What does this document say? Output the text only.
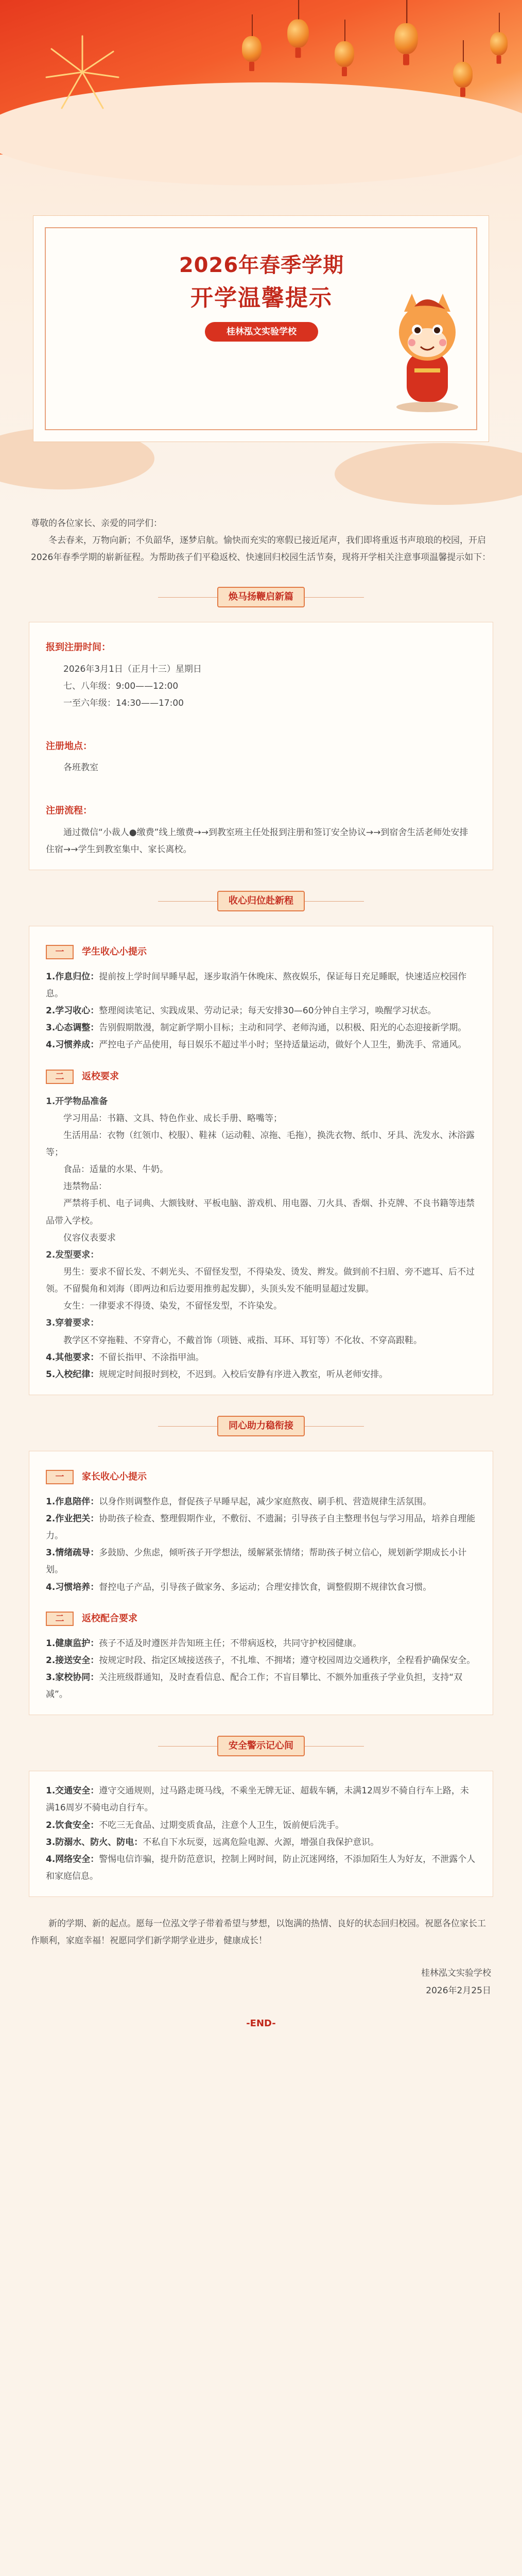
2026年春季学期
开学温馨提示
桂林泓文实验学校

尊敬的各位家长、亲爱的同学们：

冬去春来，万物向新；不负韶华，逐梦启航。愉快而充实的寒假已接近尾声，我们即将重返书声琅琅的校园，开启2026年春季学期的崭新征程。为帮助孩子们平稳返校、快速回归校园生活节奏，现将开学相关注意事项温馨提示如下：

焕马扬鞭启新篇
报到注册时间：

2026年3月1日（正月十三）星期日

七、八年级：9:00——12:00

一至六年级：14:30——17:00

注册地点：

各班教室

注册流程：

通过微信“小裁人●缴费”线上缴费→→到教室班主任处报到注册和签订安全协议→→到宿舍生活老师处安排住宿→→学生到教室集中、家长离校。

收心归位赴新程
一	学生收心小提示

1.作息归位：提前按上学时间早睡早起，逐步取消午休晚床、熬夜娱乐，保证每日充足睡眠，快速适应校园作息。

2.学习收心：整理阅读笔记、实践成果、劳动记录；每天安排30—60分钟自主学习，唤醒学习状态。

3.心态调整：告别假期散漫，制定新学期小目标；主动和同学、老师沟通，以积极、阳光的心态迎接新学期。

4.习惯养成：严控电子产品使用，每日娱乐不超过半小时；坚持适量运动，做好个人卫生，勤洗手、常通风。

二	返校要求

1.开学物品准备

学习用品：书籍、文具、特色作业、成长手册、略嘴等；

生活用品：衣物（红领巾、校服）、鞋袜（运动鞋、凉拖、毛拖），换洗衣物、纸巾、牙具、洗发水、沐浴露等；

食品：适量的水果、牛奶。

违禁物品：

严禁将手机、电子词典、大额钱财、平板电脑、游戏机、用电器、刀火具、香烟、扑克牌、不良书籍等违禁品带入学校。

仪容仪表要求

2.发型要求：

男生：要求不留长发、不刺光头、不留怪发型，不得染发、烫发、辫发。做到前不扫眉、旁不遮耳、后不过领。不留鬓角和刘海（即两边和后边要用推剪起发脚），头顶头发不能明显超过发脚。

女生：一律要求不得烫、染发，不留怪发型，不许染发。

3.穿着要求：

教学区不穿拖鞋、不穿背心，不戴首饰（项链、戒指、耳环、耳钉等）不化妆、不穿高跟鞋。

4.其他要求：不留长指甲、不涂指甲油。

5.入校纪律：规规定时间报时到校，不迟到。入校后安静有序进入教室，听从老师安排。

同心助力稳衔接
一	家长收心小提示

1.作息陪伴：以身作则调整作息，督促孩子早睡早起，减少家庭熬夜、刷手机、营造规律生活氛围。

2.作业把关：协助孩子检查、整理假期作业，不敷衍、不遗漏；引导孩子自主整理书包与学习用品，培养自理能力。

3.情绪疏导：多鼓励、少焦虑，倾听孩子开学想法，缓解紧张情绪；帮助孩子树立信心，规划新学期成长小计划。

4.习惯培养：督控电子产品，引导孩子做家务、多运动；合理安排饮食，调整假期不规律饮食习惯。

二	返校配合要求

1.健康监护：孩子不适及时遵医并告知班主任；不带病返校，共同守护校园健康。

2.接送安全：按规定时段、指定区域接送孩子，不扎堆、不拥堵；遵守校园周边交通秩序，全程看护确保安全。

3.家校协同：关注班级群通知，及时查看信息、配合工作；不盲目攀比、不额外加重孩子学业负担，支持“双减”。

安全警示记心间

1.交通安全：遵守交通规则，过马路走斑马线，不乘坐无牌无证、超载车辆，未满12周岁不骑自行车上路，未满16周岁不骑电动自行车。

2.饮食安全：不吃三无食品、过期变质食品，注意个人卫生，饭前便后洗手。

3.防溺水、防火、防电：不私自下水玩耍，远离危险电源、火源，增强自我保护意识。

4.网络安全：警惕电信诈骗，提升防范意识，控制上网时间，防止沉迷网络，不添加陌生人为好友，不泄露个人和家庭信息。

新的学期、新的起点。愿每一位泓文学子带着希望与梦想，以饱满的热情、良好的状态回归校园。祝愿各位家长工作顺利，家庭幸福！祝愿同学们新学期学业进步，健康成长！

桂林泓文实验学校

2026年2月25日

-END-
